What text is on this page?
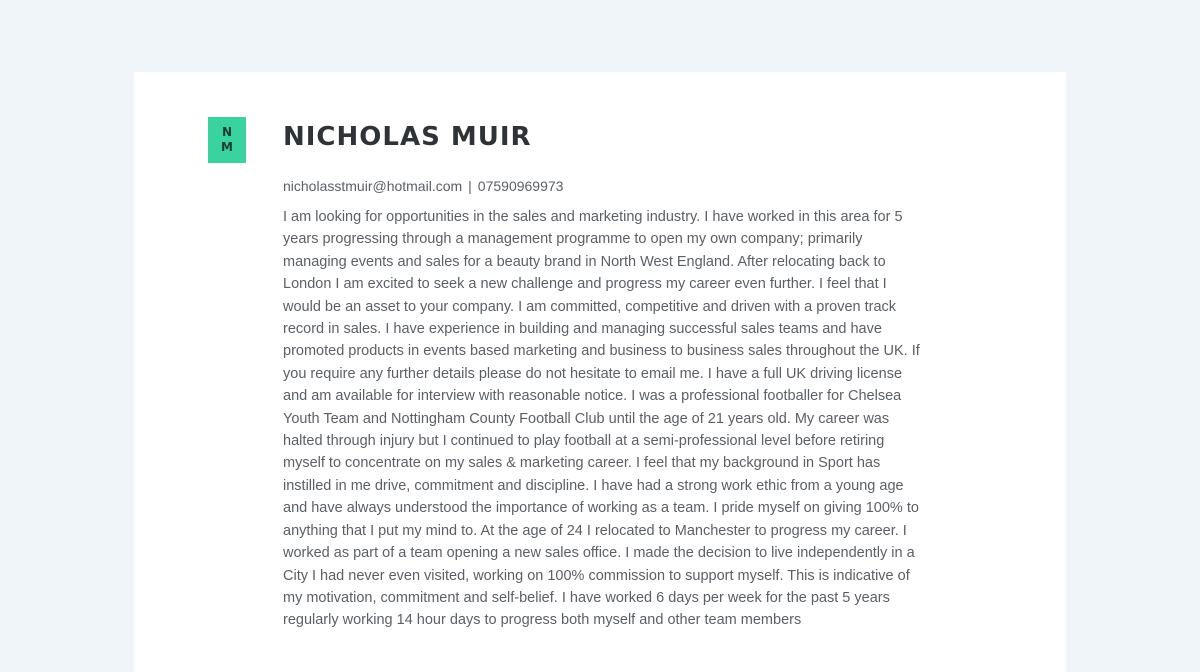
N
M NICHOLAS MUIR
nicholasstmuir@hotmail.com | 07590969973

I am looking for opportunities in the sales and marketing industry. I have worked in this area for 5 years progressing through a management programme to open my own company; primarily managing events and sales for a beauty brand in North West England. After relocating back to London I am excited to seek a new challenge and progress my career even further. I feel that I would be an asset to your company. I am committed, competitive and driven with a proven track record in sales. I have experience in building and managing successful sales teams and have promoted products in events based marketing and business to business sales throughout the UK. If you require any further details please do not hesitate to email me. I have a full UK driving license and am available for interview with reasonable notice. I was a professional footballer for Chelsea Youth Team and Nottingham County Football Club until the age of 21 years old. My career was halted through injury but I continued to play football at a semi-professional level before retiring myself to concentrate on my sales & marketing career. I feel that my background in Sport has instilled in me drive, commitment and discipline. I have had a strong work ethic from a young age and have always understood the importance of working as a team. I pride myself on giving 100% to anything that I put my mind to. At the age of 24 I relocated to Manchester to progress my career. I worked as part of a team opening a new sales office. I made the decision to live independently in a City I had never even visited, working on 100% commission to support myself. This is indicative of my motivation, commitment and self-belief. I have worked 6 days per week for the past 5 years regularly working 14 hour days to progress both myself and other team members
